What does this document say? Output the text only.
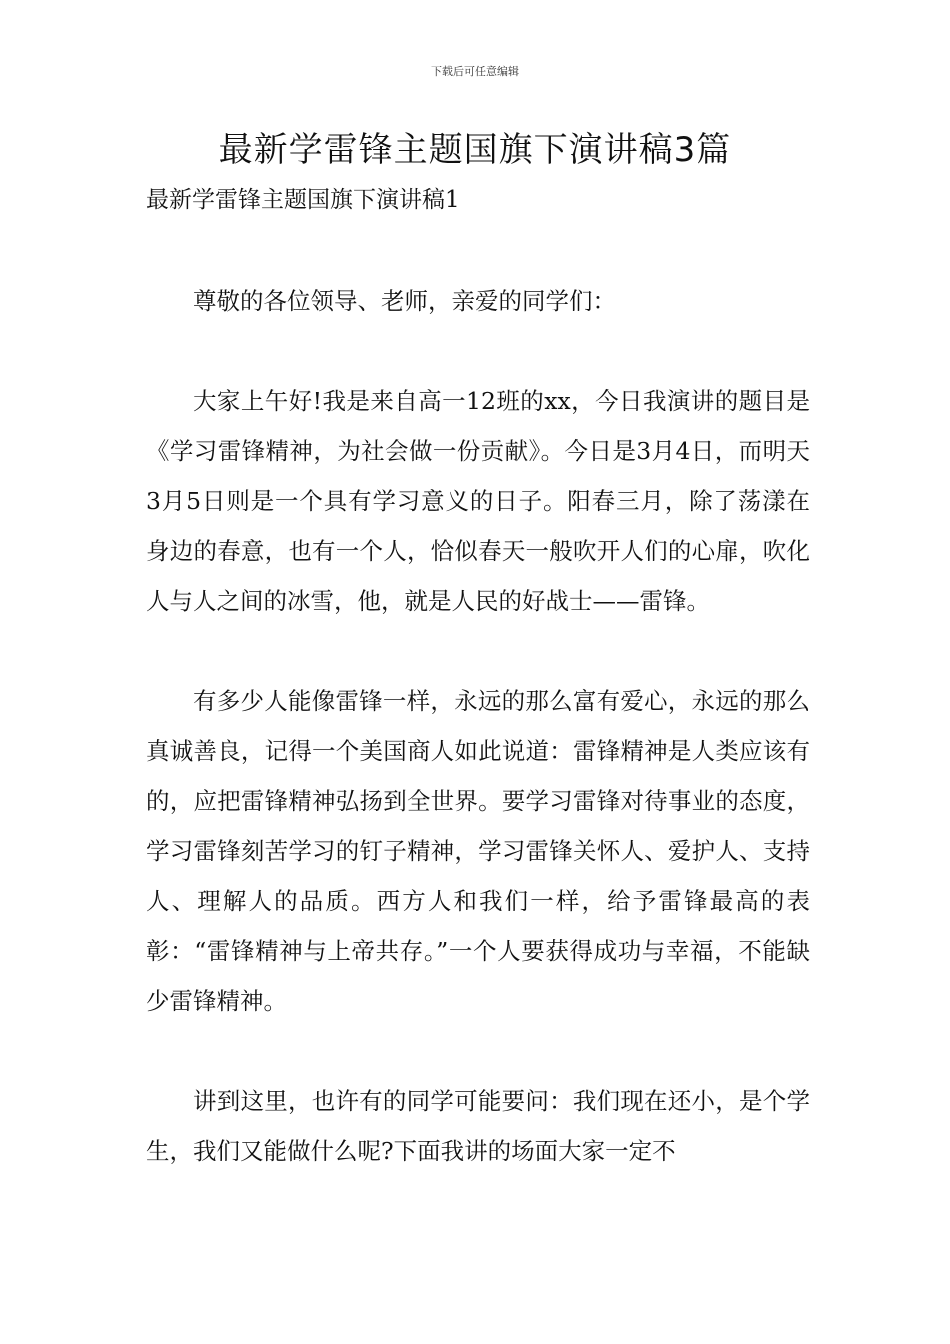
下载后可任意编辑
最新学雷锋主题国旗下演讲稿3篇
最新学雷锋主题国旗下演讲稿1

尊敬的各位领导、老师，亲爱的同学们：

大家上午好!我是来自高一12班的xx，今日我演讲的题目是《学习雷锋精神，为社会做一份贡献》。今日是3月4日，而明天3月5日则是一个具有学习意义的日子。阳春三月，除了荡漾在身边的春意，也有一个人，恰似春天一般吹开人们的心扉，吹化人与人之间的冰雪，他，就是人民的好战士——雷锋。

有多少人能像雷锋一样，永远的那么富有爱心，永远的那么真诚善良，记得一个美国商人如此说道：雷锋精神是人类应该有的，应把雷锋精神弘扬到全世界。要学习雷锋对待事业的态度，学习雷锋刻苦学习的钉子精神，学习雷锋关怀人、爱护人、支持人、理解人的品质。西方人和我们一样，给予雷锋最高的表彰：“雷锋精神与上帝共存。”一个人要获得成功与幸福，不能缺少雷锋精神。

讲到这里，也许有的同学可能要问：我们现在还小，是个学生，我们又能做什么呢?下面我讲的场面大家一定不
